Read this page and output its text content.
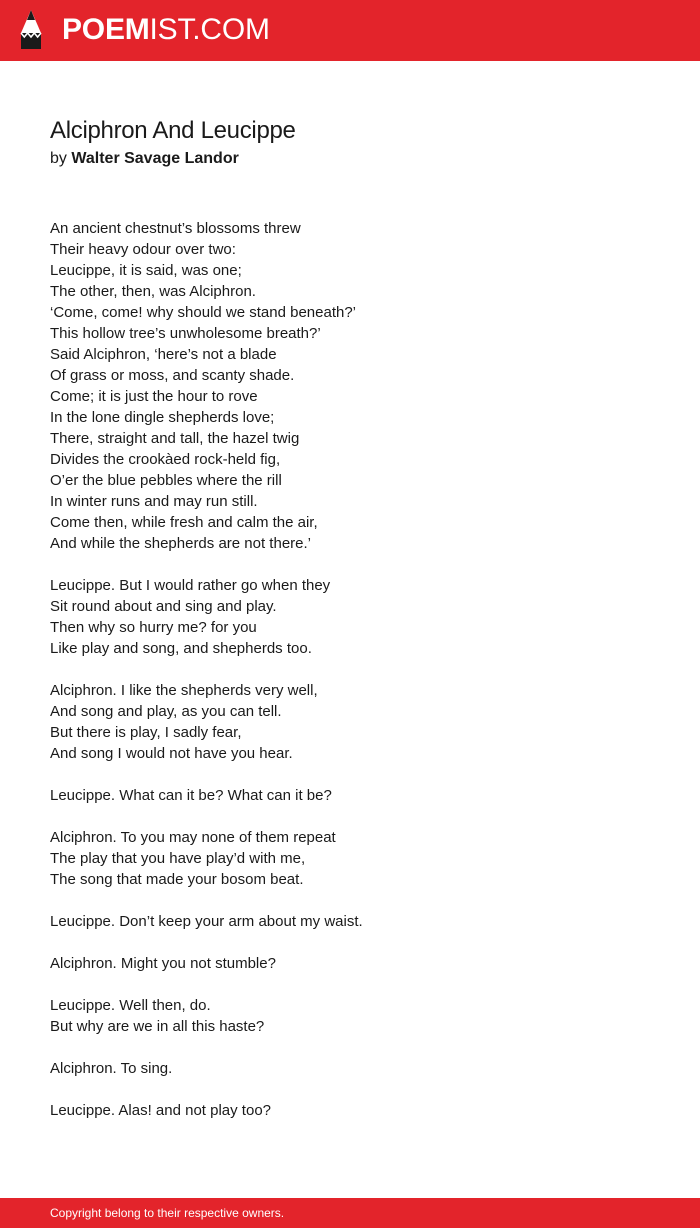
POEMIST.COM
Alciphron And Leucippe
by Walter Savage Landor
An ancient chestnut’s blossoms threw
Their heavy odour over two:
Leucippe, it is said, was one;
The other, then, was Alciphron.
‘Come, come! why should we stand beneath?’
This hollow tree’s unwholesome breath?’
Said Alciphron, ‘here’s not a blade
Of grass or moss, and scanty shade.
Come; it is just the hour to rove
In the lone dingle shepherds love;
There, straight and tall, the hazel twig
Divides the crookàed rock-held fig,
O’er the blue pebbles where the rill
In winter runs and may run still.
Come then, while fresh and calm the air,
And while the shepherds are not there.’
Leucippe. But I would rather go when they
Sit round about and sing and play.
Then why so hurry me? for you
Like play and song, and shepherds too.
Alciphron. I like the shepherds very well,
And song and play, as you can tell.
But there is play, I sadly fear,
And song I would not have you hear.
Leucippe. What can it be? What can it be?
Alciphron. To you may none of them repeat
The play that you have play’d with me,
The song that made your bosom beat.
Leucippe. Don’t keep your arm about my waist.
Alciphron. Might you not stumble?
Leucippe. Well then, do.
But why are we in all this haste?
Alciphron. To sing.
Leucippe. Alas! and not play too?
Copyright belong to their respective owners.
